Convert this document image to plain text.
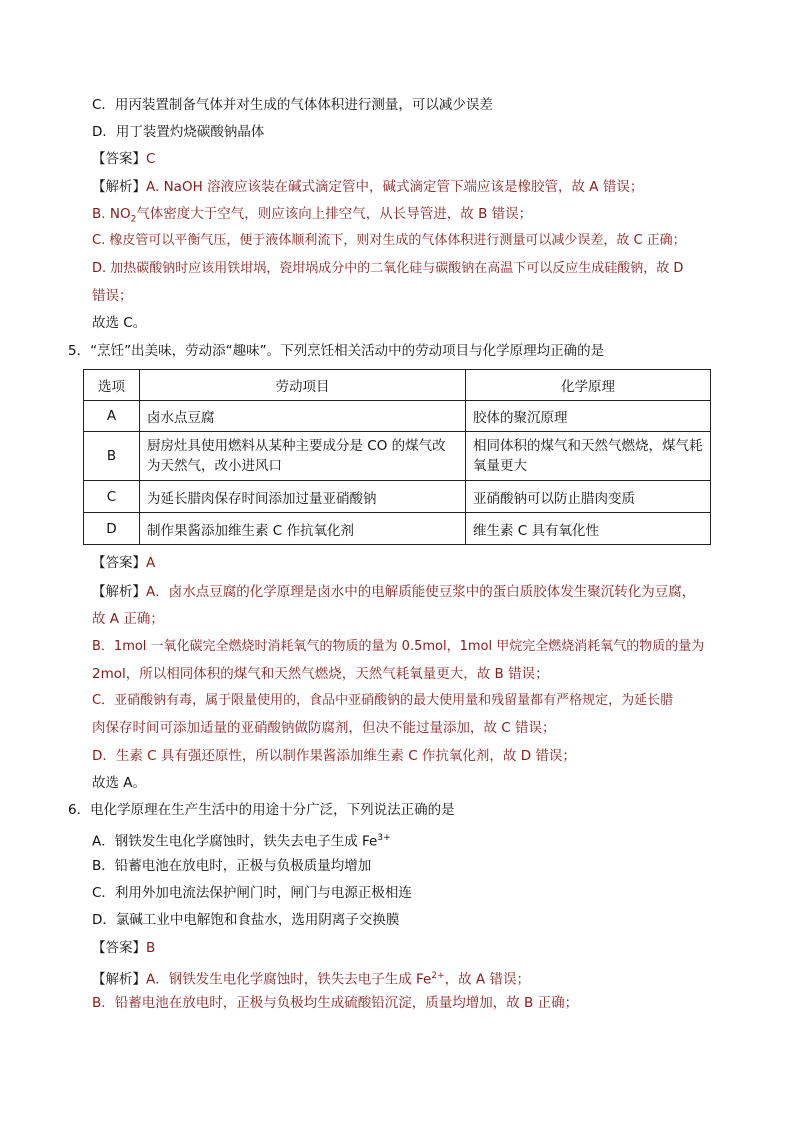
C．用丙装置制备气体并对生成的气体体积进行测量，可以减少误差
D．用丁装置灼烧碳酸钠晶体
【答案】C
【解析】A. NaOH 溶液应该装在碱式滴定管中，碱式滴定管下端应该是橡胶管，故 A 错误；
B. $NO_2$气体密度大于空气，则应该向上排空气，从长导管进，故 B 错误；
C. 橡皮管可以平衡气压，便于液体顺利流下，则对生成的气体体积进行测量可以减少误差，故 C 正确；
D. 加热碳酸钠时应该用铁坩埚，瓷坩埚成分中的二氧化硅与碳酸钠在高温下可以反应生成硅酸钠，故 D
错误；
故选 C。
5．“烹饪”出美味，劳动添“趣味”。下列烹饪相关活动中的劳动项目与化学原理均正确的是
选项	劳动项目	化学原理
A	卤水点豆腐	胶体的聚沉原理
B	厨房灶具使用燃料从某种主要成分是 CO 的煤气改为天然气，改小进风口	相同体积的煤气和天然气燃烧，煤气耗氧量更大
C	为延长腊肉保存时间添加过量亚硝酸钠	亚硝酸钠可以防止腊肉变质
D	制作果酱添加维生素 C 作抗氧化剂	维生素 C 具有氧化性
【答案】A
【解析】A．卤水点豆腐的化学原理是卤水中的电解质能使豆浆中的蛋白质胶体发生聚沉转化为豆腐，
故 A 正确；
B．1mol 一氧化碳完全燃烧时消耗氧气的物质的量为 0.5mol，1mol 甲烷完全燃烧消耗氧气的物质的量为
2mol，所以相同体积的煤气和天然气燃烧，天然气耗氧量更大，故 B 错误；
C．亚硝酸钠有毒，属于限量使用的，食品中亚硝酸钠的最大使用量和残留量都有严格规定，为延长腊
肉保存时间可添加适量的亚硝酸钠做防腐剂，但决不能过量添加，故 C 错误；
D．生素 C 具有强还原性，所以制作果酱添加维生素 C 作抗氧化剂，故 D 错误；
故选 A。
6．电化学原理在生产生活中的用途十分广泛，下列说法正确的是
A．钢铁发生电化学腐蚀时，铁失去电子生成 $Fe^{3+}$
B．铅蓄电池在放电时，正极与负极质量均增加
C．利用外加电流法保护闸门时，闸门与电源正极相连
D．氯碱工业中电解饱和食盐水，选用阴离子交换膜
【答案】B
【解析】A．钢铁发生电化学腐蚀时，铁失去电子生成 $Fe^{2+}$，故 A 错误；
B．铅蓄电池在放电时，正极与负极均生成硫酸铅沉淀，质量均增加，故 B 正确；
